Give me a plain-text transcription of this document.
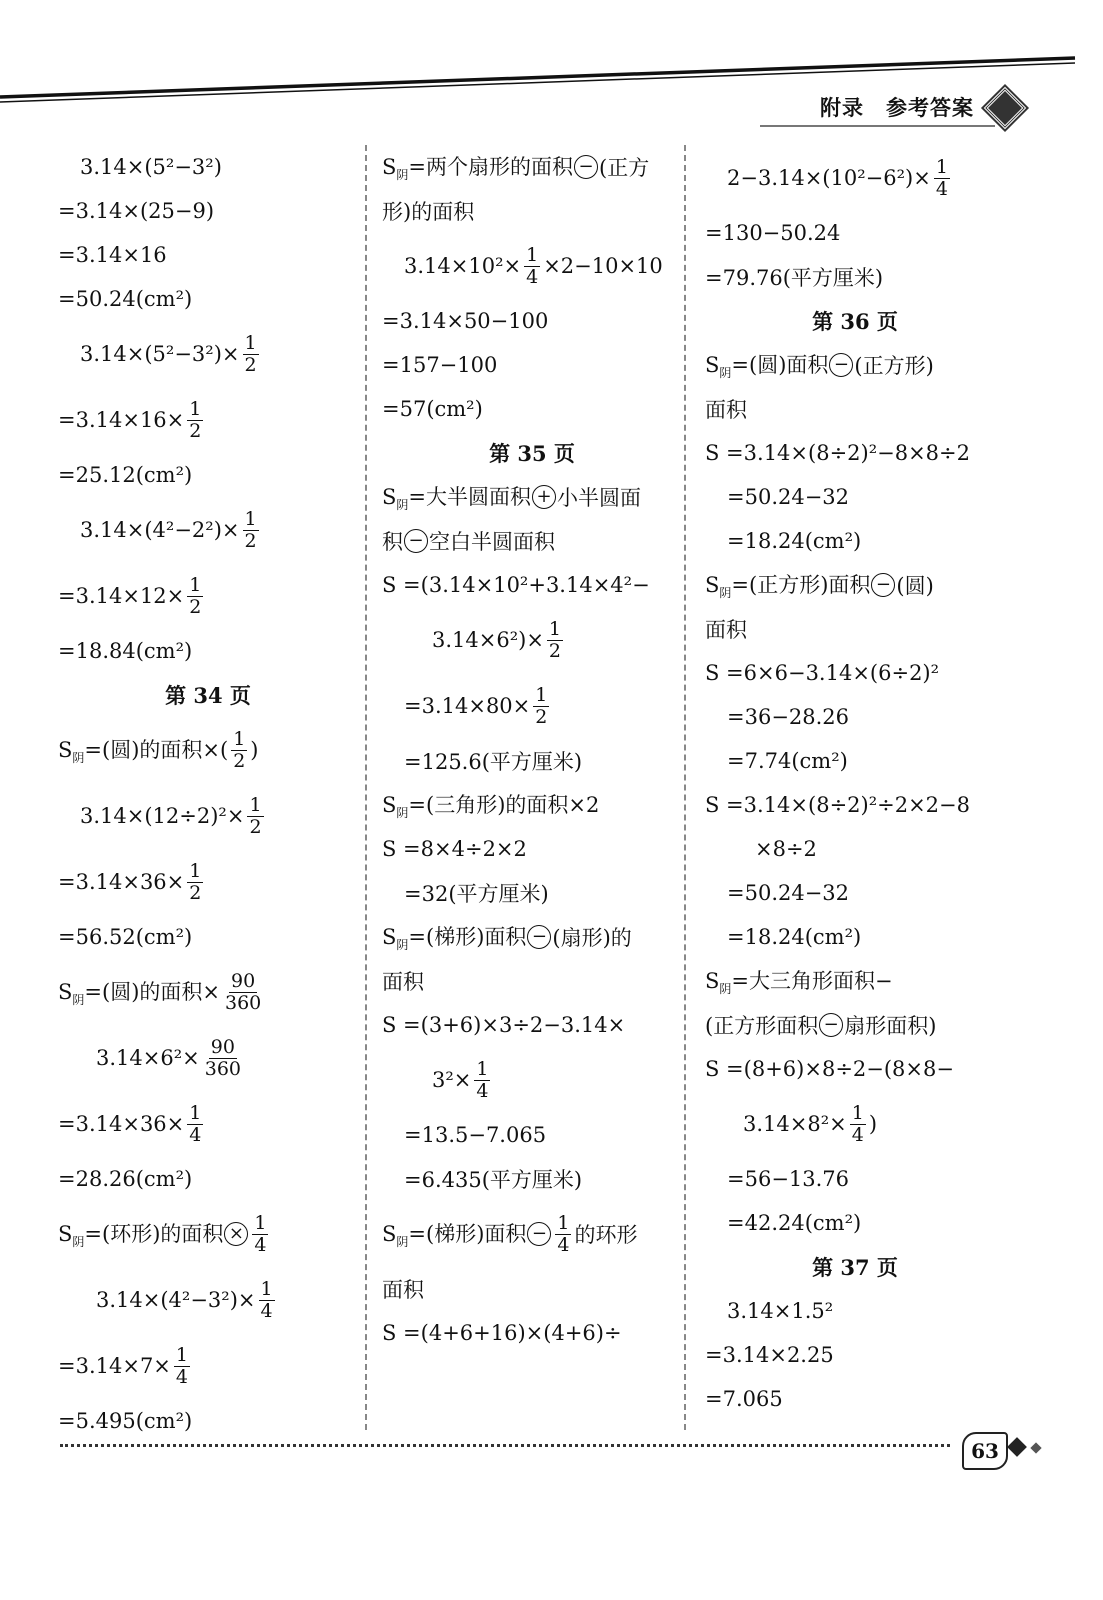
附录 参考答案
3.14×(5²−3²)
=3.14×(25−9)
=3.14×16
=50.24(cm²)
$3.14\times(5^2-3^2)\times \frac{1}{2}$
$=3.14\times 16\times \frac{1}{2}$
=25.12(cm²)
$3.14\times(4^2-2^2)\times \frac{1}{2}$
$=3.14\times 12\times \frac{1}{2}$
=18.84(cm²)
第 34 页
$S_阴=$(圆)的面积×( $\frac{1}{2}$ )
$3.14\times(12\div 2)^2\times \frac{1}{2}$
$=3.14\times 36\times \frac{1}{2}$
=56.52(cm²)
$S_阴=$(圆)的面积× $\frac{90}{360}$
$3.14\times 6^2\times \frac{90}{360}$
$=3.14\times 36\times \frac{1}{4}$
=28.26(cm²)
$S_阴=$(环形)的面积 × $\frac{1}{4}$
$3.14\times(4^2-3^2)\times \frac{1}{4}$
$=3.14\times 7\times \frac{1}{4}$
=5.495(cm²)
$S_阴=$两个扇形的面积 − (正方
形)的面积
$3.14\times 10^2\times \frac{1}{4} \times 2-10\times 10$
=3.14×50−100
=157−100
=57(cm²)
第 35 页
$S_阴=$大半圆面积 + 小半圆面
积 − 空白半圆面积
S =(3.14×10²+3.14×4²−
$3.14\times 6^2)\times \frac{1}{2}$
$=3.14\times 80\times \frac{1}{2}$
=125.6(平方厘米)
$S_阴=$(三角形)的面积×2
S =8×4÷2×2
=32(平方厘米)
$S_阴=$(梯形)面积 − (扇形)的
面积
S =(3+6)×3÷2−3.14×
$3^2\times \frac{1}{4}$
=13.5−7.065
=6.435(平方厘米)
$S_阴=$(梯形)面积 − $\frac{1}{4}$ 的环形
面积
S =(4+6+16)×(4+6)÷
$2-3.14\times(10^2-6^2)\times \frac{1}{4}$
=130−50.24
=79.76(平方厘米)
第 36 页
$S_阴=$(圆)面积 − (正方形)
面积
S =3.14×(8÷2)²−8×8÷2
=50.24−32
=18.24(cm²)
$S_阴=$(正方形)面积 − (圆)
面积
S =6×6−3.14×(6÷2)²
=36−28.26
=7.74(cm²)
S =3.14×(8÷2)²÷2×2−8
×8÷2
=50.24−32
=18.24(cm²)
$S_阴=$大三角形面积−
(正方形面积 − 扇形面积)
S =(8+6)×8÷2−(8×8−
$3.14\times 8^2\times \frac{1}{4}$ )
=56−13.76
=42.24(cm²)
第 37 页
3.14×1.5²
=3.14×2.25
=7.065
63
